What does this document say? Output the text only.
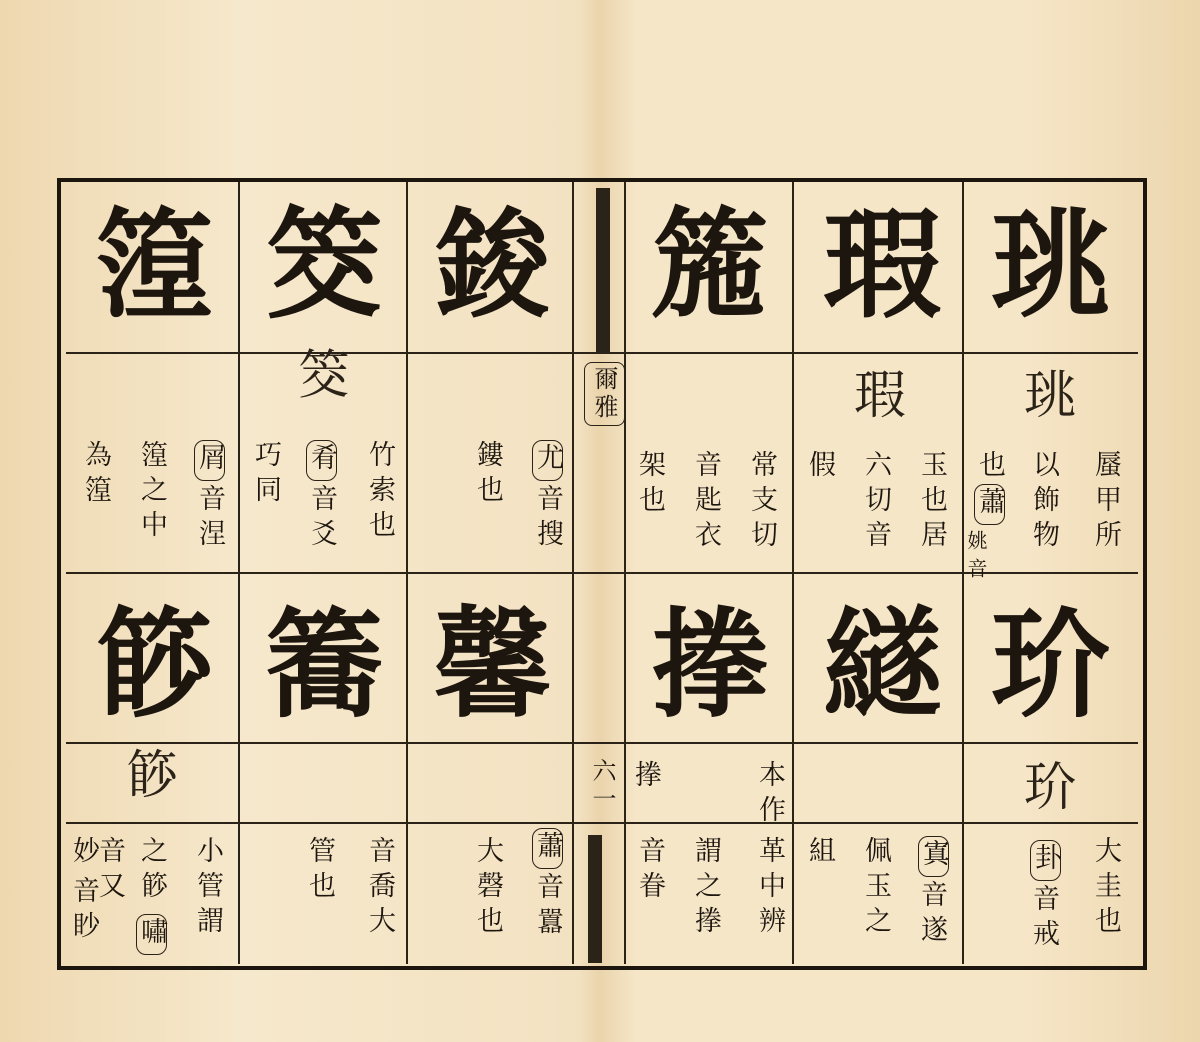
爾雅
六一
珧
瑕
箷
珧
瑕
蜃甲所
以飾物
也
蕭
姚音
玉也居
六切音
假
常支切
音匙衣
架也
玠
繸
搼
玠
大圭也
卦
音戒
寘
音遂
佩玉之
組
本作
革中辨
謂之搼
搼
音眷
鋑
筊
篞
筊
尤
音搜
鏤也
竹索也
肴
音爻
巧同
屑
音涅
篞之中
為篞
馨
簥
篎
篎
蕭
音囂
大磬也
音喬大
管也
小管謂
之篎
嘯
音又
音眇
妙
